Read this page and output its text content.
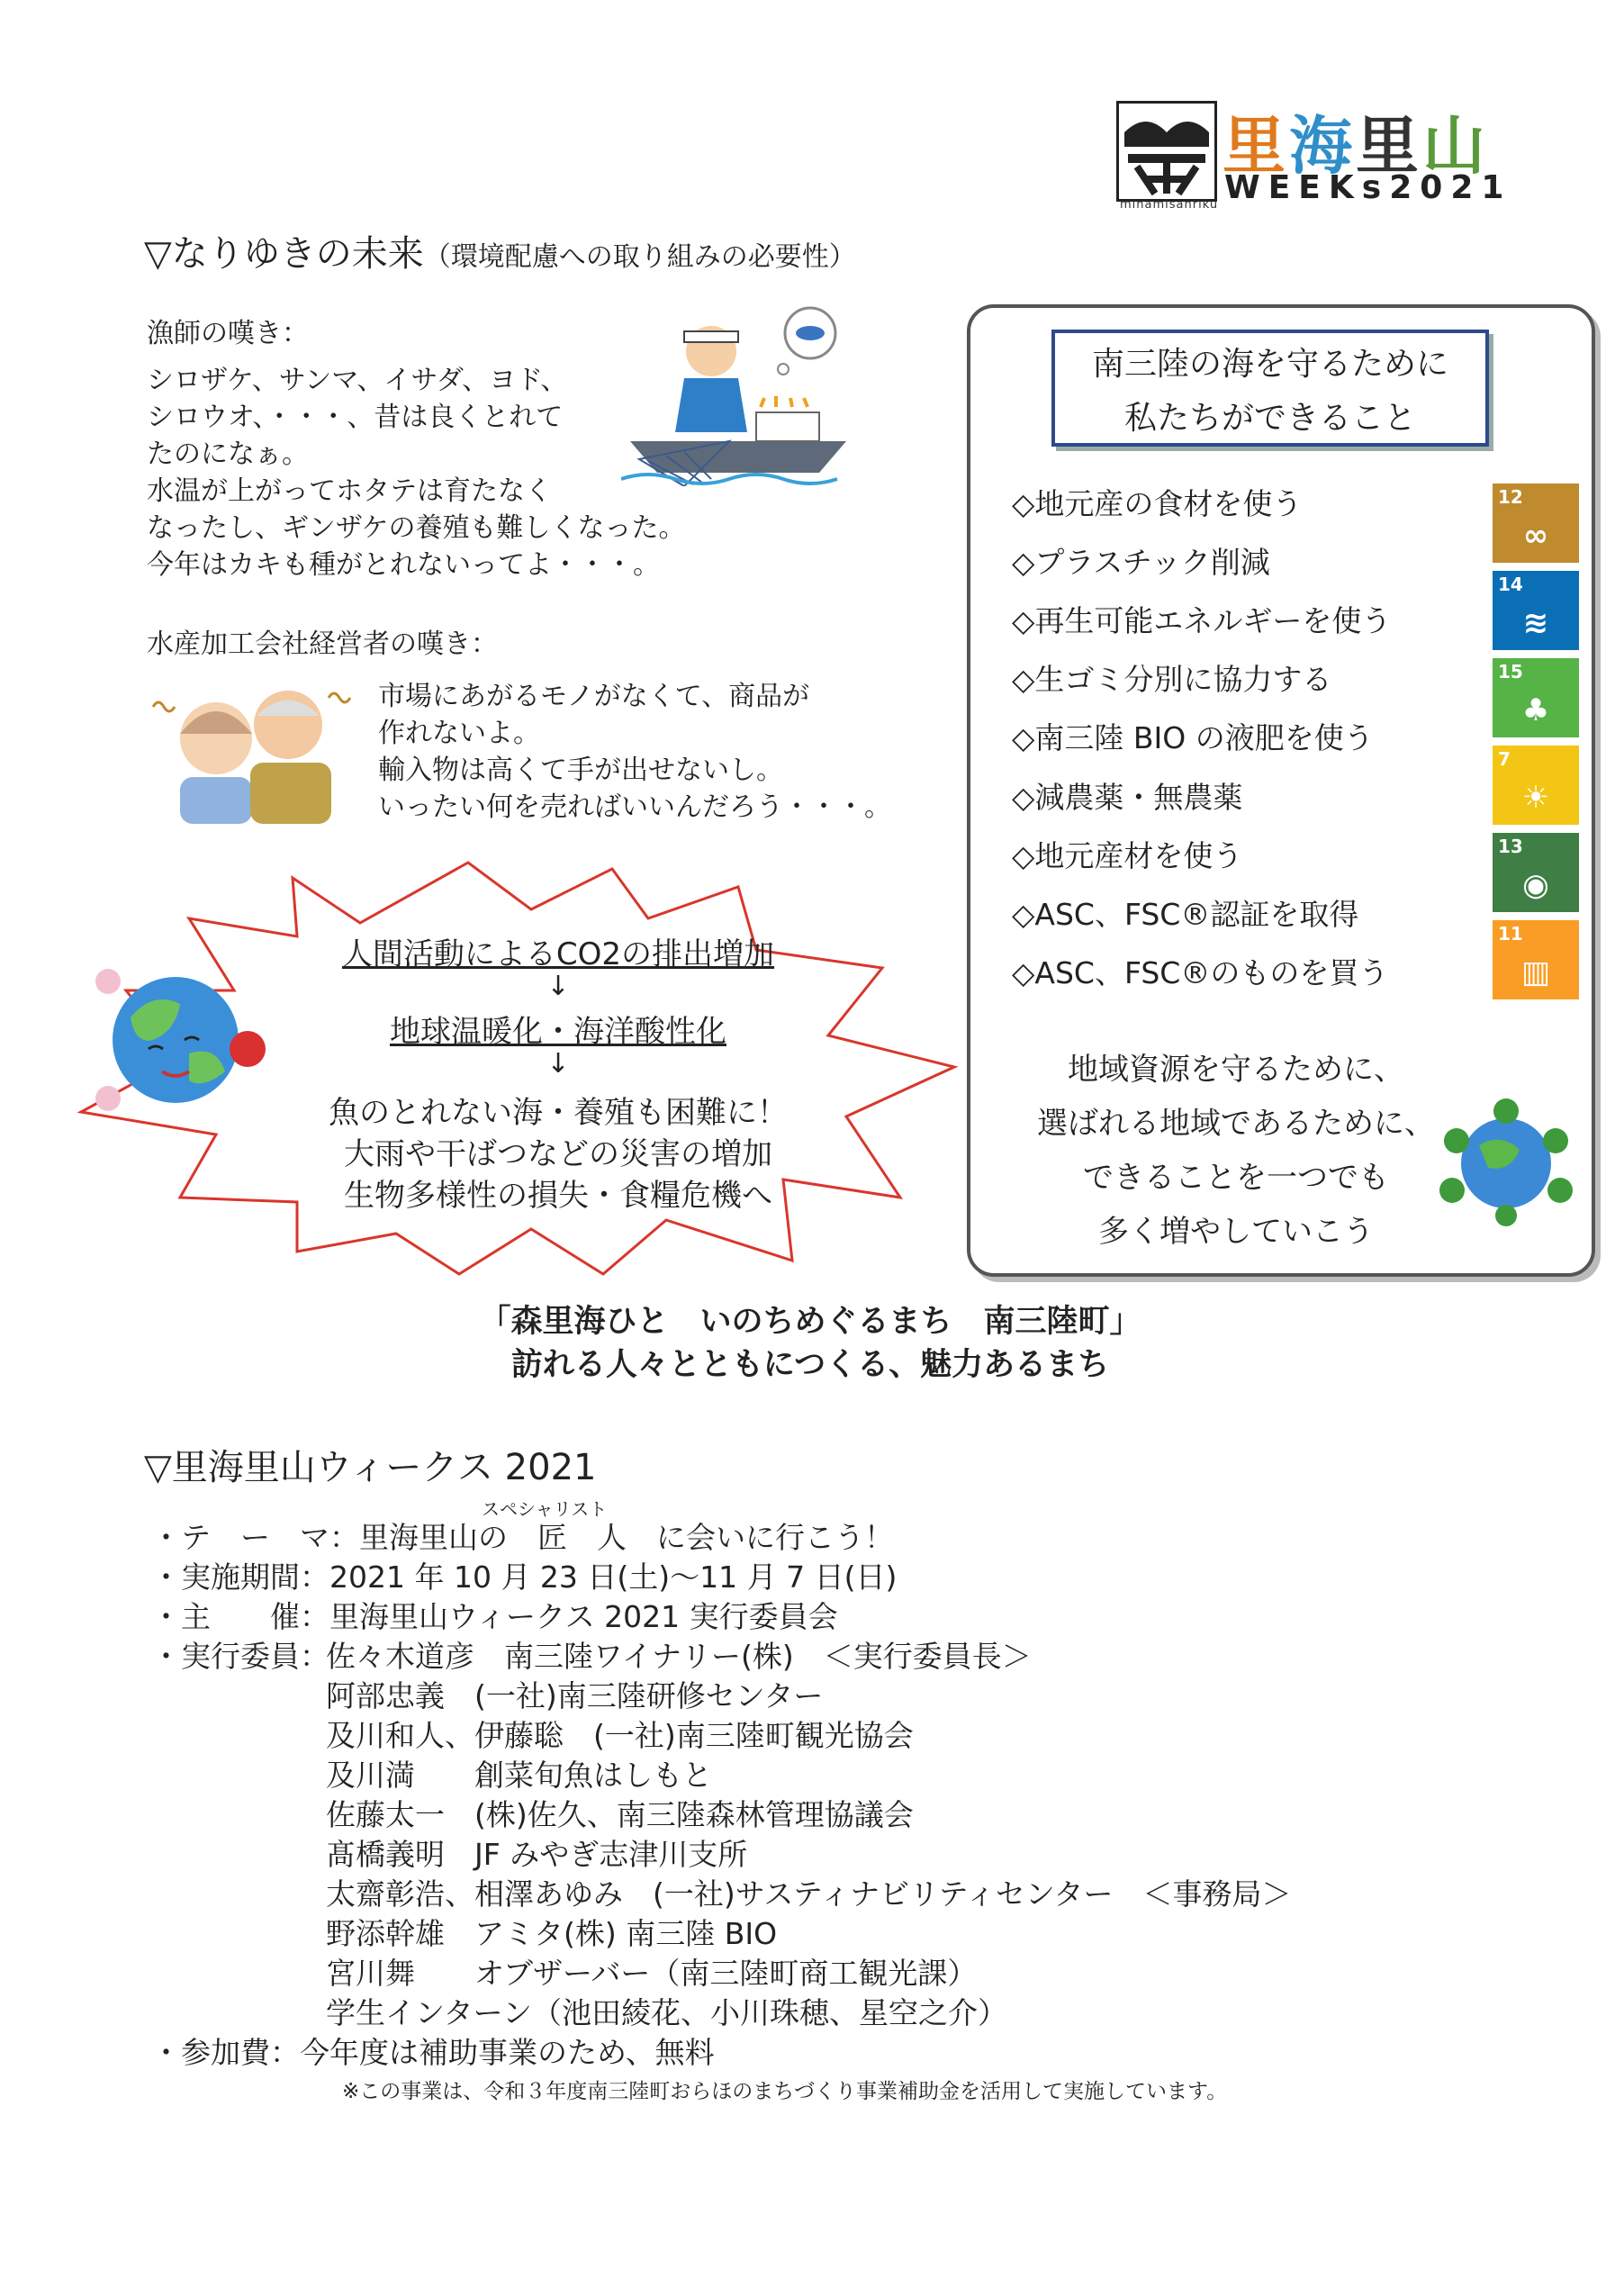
minamisanriku
里海里山
WEEKs2021
▽なりゆきの未来（環境配慮への取り組みの必要性）
漁師の嘆き：
シロザケ、サンマ、イサダ、ヨド、
シロウオ、・・・、昔は良くとれて
たのになぁ。
水温が上がってホタテは育たなく
なったし、ギンザケの養殖も難しくなった。
今年はカキも種がとれないってよ・・・。
水産加工会社経営者の嘆き：
市場にあがるモノがなくて、商品が
作れないよ。
輸入物は高くて手が出せないし。
いったい何を売ればいいんだろう・・・。
人間活動によるCO2の排出増加
↓
地球温暖化・海洋酸性化
↓
魚のとれない海・養殖も困難に！
大雨や干ばつなどの災害の増加
生物多様性の損失・食糧危機へ
南三陸の海を守るために
私たちができること
◇地元産の食材を使う
◇プラスチック削減
◇再生可能エネルギーを使う
◇生ゴミ分別に協力する
◇南三陸 BIO の液肥を使う
◇減農薬・無農薬
◇地元産材を使う
◇ASC、FSC®認証を取得
◇ASC、FSC®のものを買う
12
∞
14
≋
15
♣
7
☀
13
◉
11
▥
地域資源を守るために、
選ばれる地域であるために、
できることを一つでも
多く増やしていこう
「森里海ひと　いのちめぐるまち　南三陸町」
訪れる人々とともにつくる、魅力あるまち
▽里海里山ウィークス 2021
スペシャリスト
・テ　ー　マ：里海里山の　匠　人　に会いに行こう！
・実施期間：2021 年 10 月 23 日(土)～11 月 7 日(日)
・主　　催：里海里山ウィークス 2021 実行委員会
・実行委員：
佐々木道彦　南三陸ワイナリー(株)　＜実行委員長＞
阿部忠義　(一社)南三陸研修センター
及川和人、伊藤聡　(一社)南三陸町観光協会
及川満　　創菜旬魚はしもと
佐藤太一　(株)佐久、南三陸森林管理協議会
髙橋義明　JF みやぎ志津川支所
太齋彰浩、相澤あゆみ　(一社)サスティナビリティセンター　＜事務局＞
野添幹雄　アミタ(株) 南三陸 BIO
宮川舞　　オブザーバー（南三陸町商工観光課）
学生インターン（池田綾花、小川珠穂、星空之介）
・参加費：今年度は補助事業のため、無料
※この事業は、令和３年度南三陸町おらほのまちづくり事業補助金を活用して実施しています。
